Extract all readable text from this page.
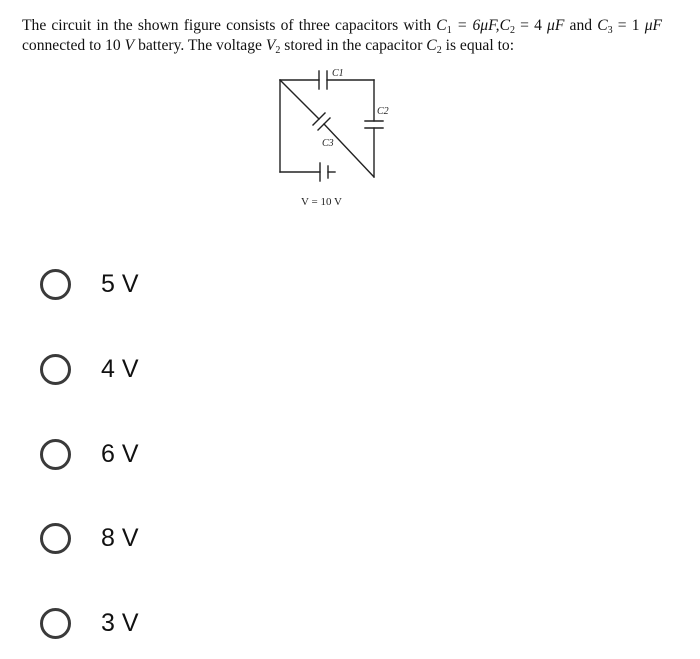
The circuit in the shown figure consists of three capacitors with $C_1 = 6\mu F,C_2 = 4$ μF and $C_3 = 1$ μF connected to 10 V battery. The voltage $V_2$ stored in the capacitor $C_2$ is equal to:
C1
C2
C3
V = 10 V
5 V
4 V
6 V
8 V
3 V
